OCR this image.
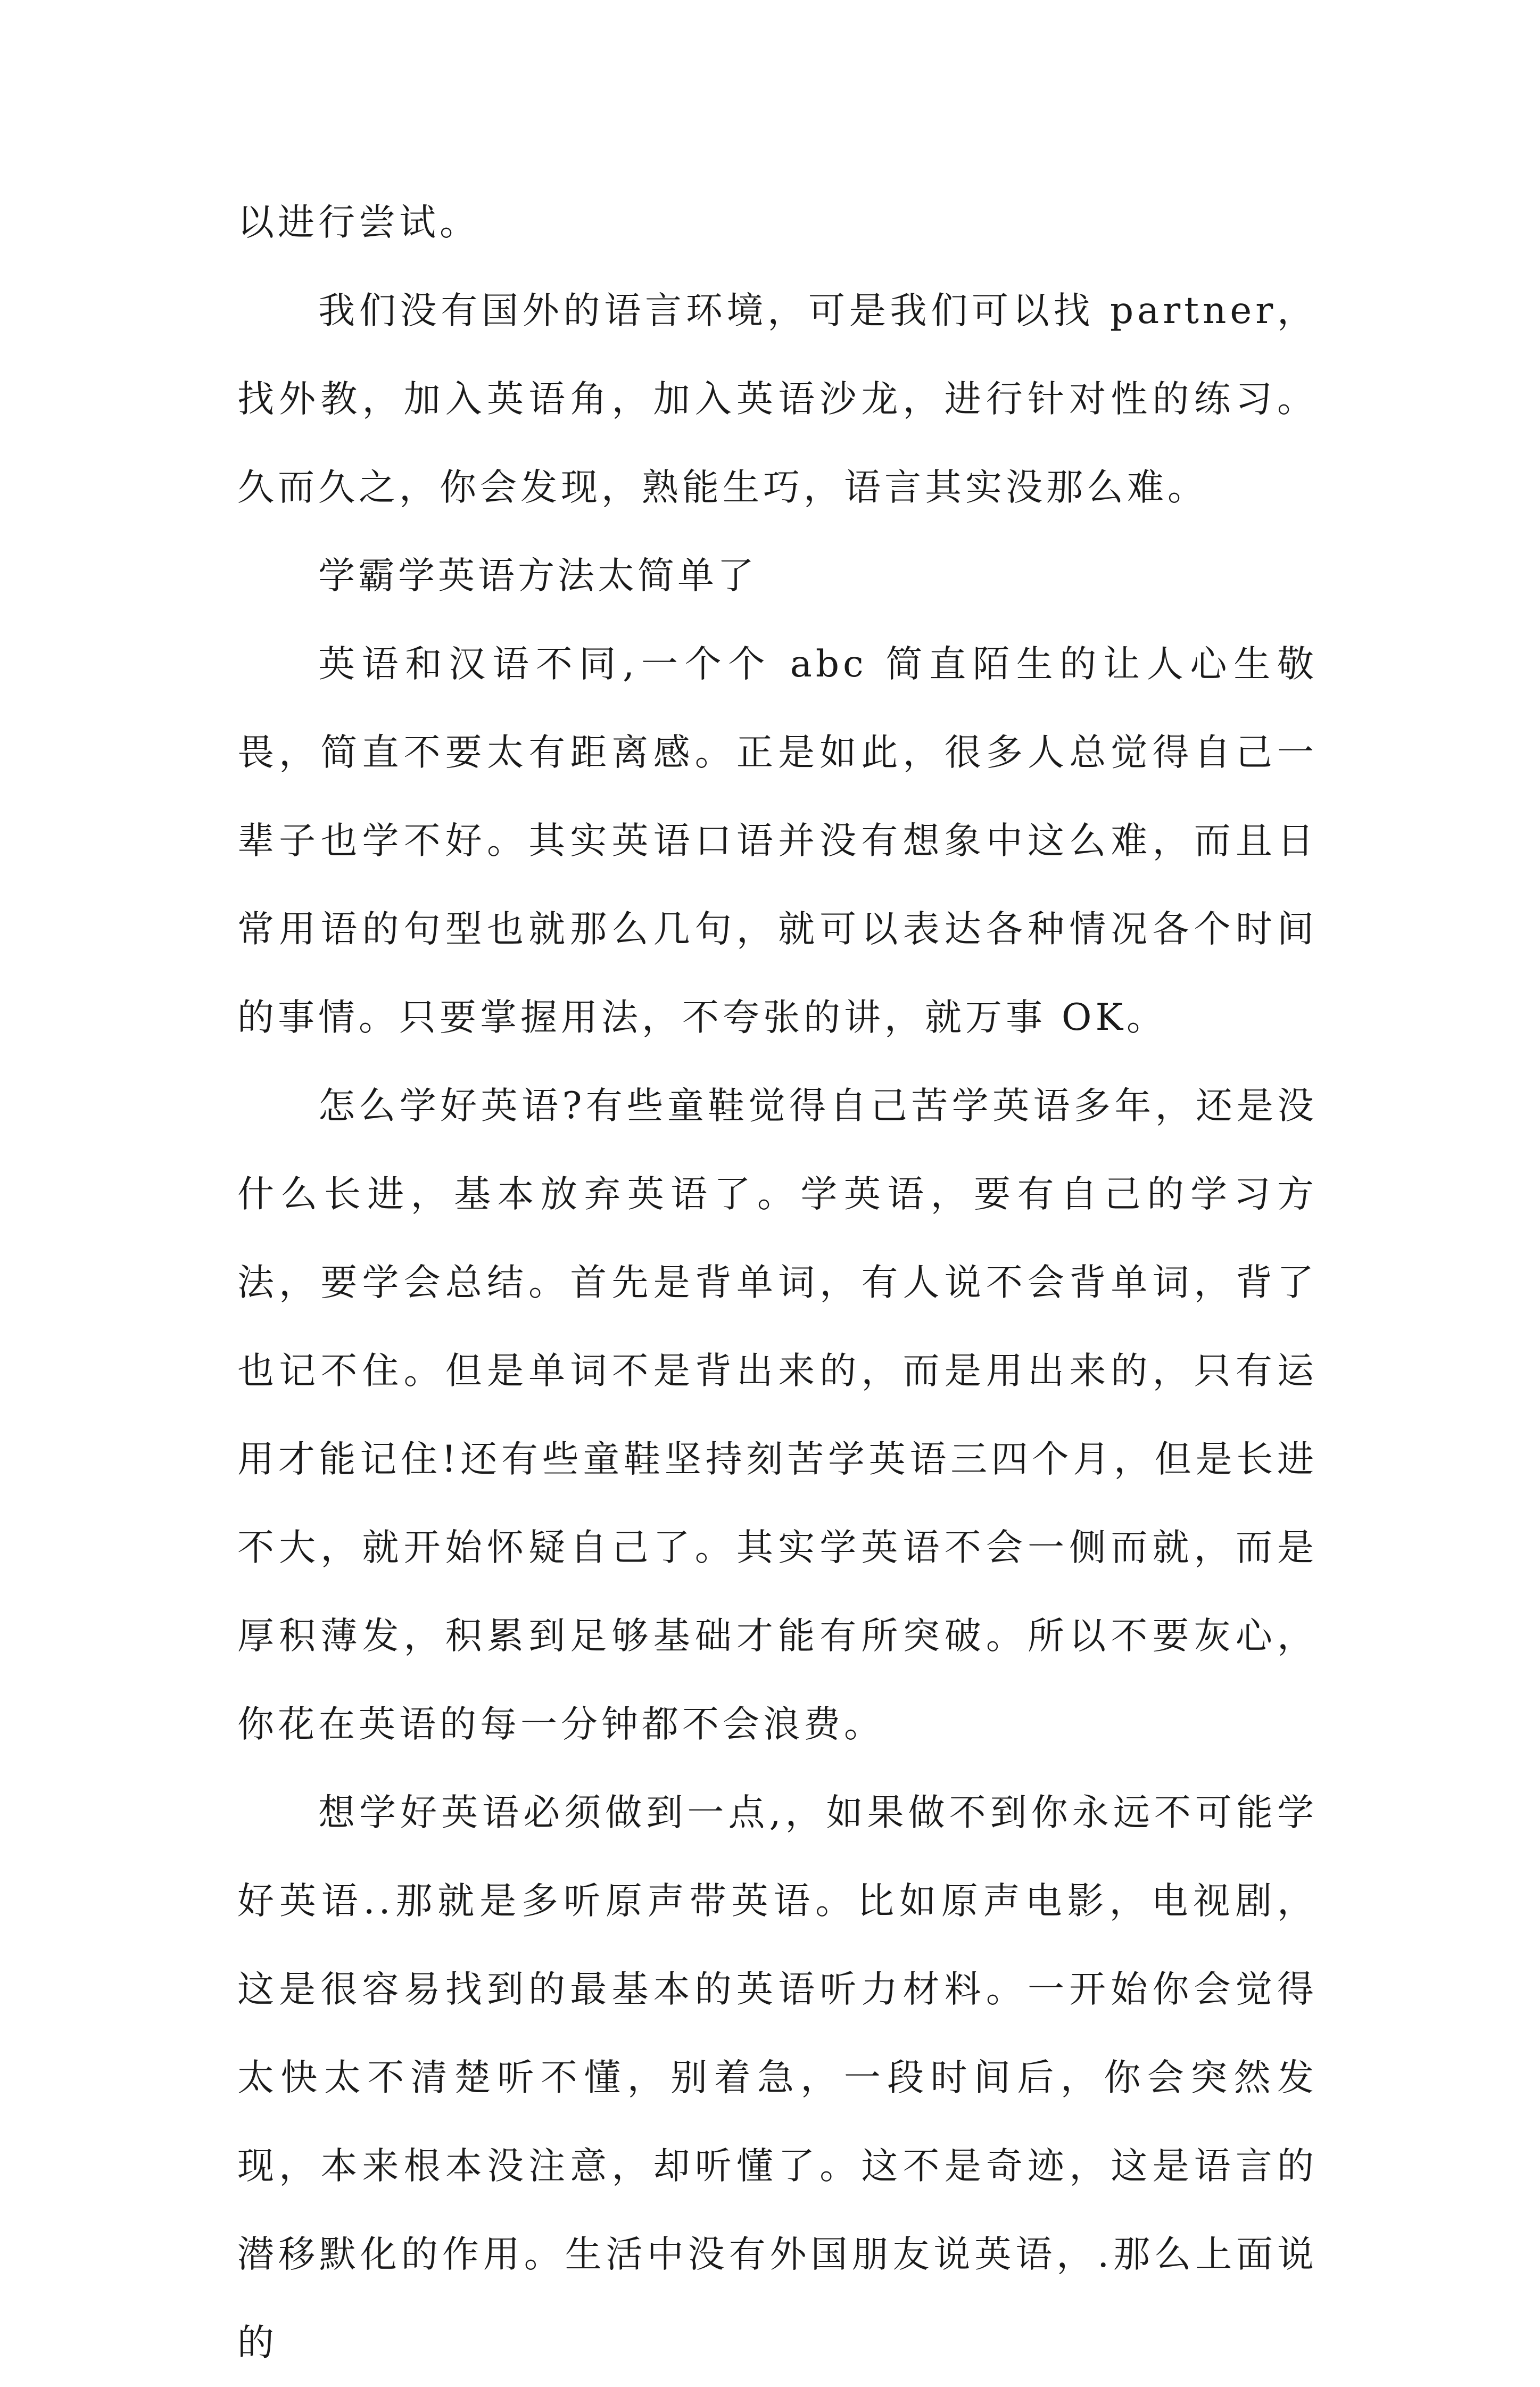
以进行尝试。

我们没有国外的语言环境，可是我们可以找 partner，找外教，加入英语角，加入英语沙龙，进行针对性的练习。久而久之，你会发现，熟能生巧，语言其实没那么难。

学霸学英语方法太简单了

英语和汉语不同,一个个 abc 简直陌生的让人心生敬畏，简直不要太有距离感。正是如此，很多人总觉得自己一辈子也学不好。其实英语口语并没有想象中这么难，而且日常用语的句型也就那么几句，就可以表达各种情况各个时间的事情。只要掌握用法，不夸张的讲，就万事 OK。

怎么学好英语?有些童鞋觉得自己苦学英语多年，还是没什么长进，基本放弃英语了。学英语，要有自己的学习方法，要学会总结。首先是背单词，有人说不会背单词，背了也记不住。但是单词不是背出来的，而是用出来的，只有运用才能记住!还有些童鞋坚持刻苦学英语三四个月，但是长进不大，就开始怀疑自己了。其实学英语不会一侧而就，而是厚积薄发，积累到足够基础才能有所突破。所以不要灰心，你花在英语的每一分钟都不会浪费。

想学好英语必须做到一点,，如果做不到你永远不可能学好英语..那就是多听原声带英语。比如原声电影，电视剧，这是很容易找到的最基本的英语听力材料。一开始你会觉得太快太不清楚听不懂，别着急，一段时间后，你会突然发现，本来根本没注意，却听懂了。这不是奇迹，这是语言的潜移默化的作用。生活中没有外国朋友说英语，.那么上面说的
